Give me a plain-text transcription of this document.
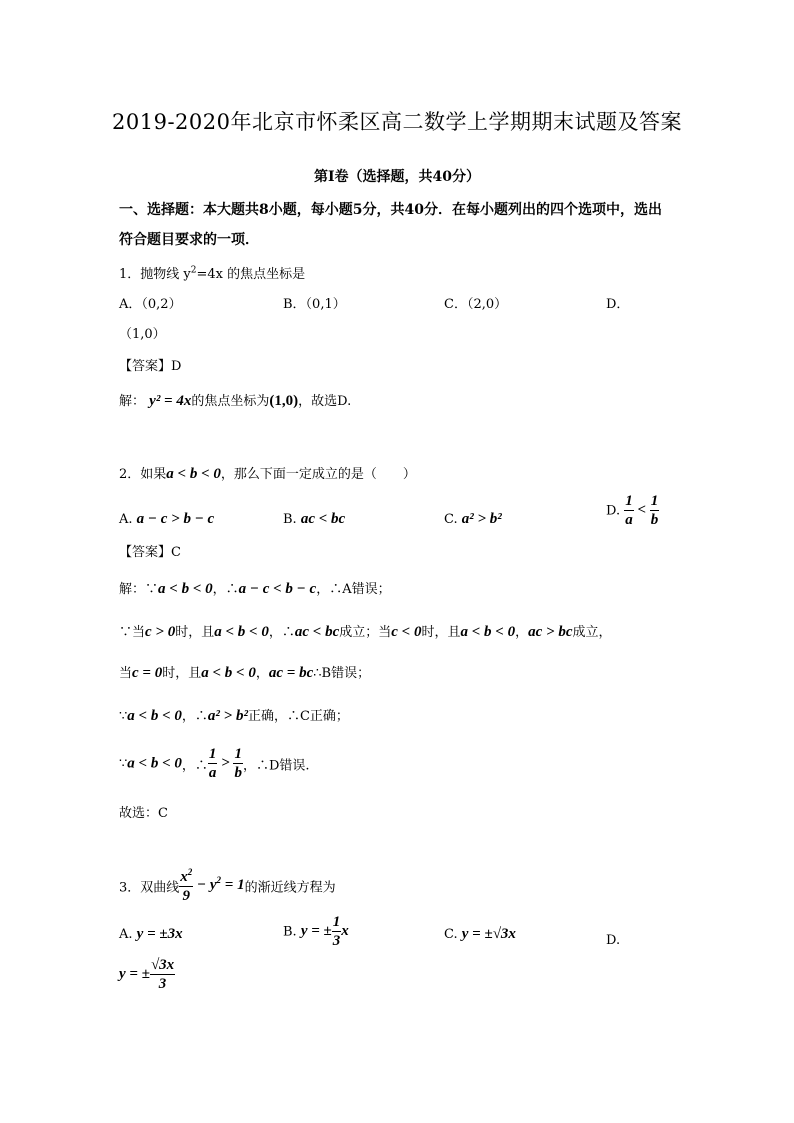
2019-2020年北京市怀柔区高二数学上学期期末试题及答案
第Ⅰ卷（选择题，共40分）
一、选择题：本大题共8小题，每小题5分，共40分．在每小题列出的四个选项中，选出
符合题目要求的一项．
1．抛物线 $y^2=4x$ 的焦点坐标是
A．（0,2）	B．（0,1）	C．（2,0）	D．
（1,0）
【答案】D
解： y² = 4x的焦点坐标为(1,0)，故选D.
2．如果a < b < 0，那么下面一定成立的是（　　）
A. a − c > b − c	B. ac < bc	C. a² > b²
D. $\frac{1}{a} < \frac{1}{b}$
【答案】C
解：∵a < b < 0，∴a − c < b − c，∴A错误；
∵当c > 0时，且a < b < 0，∴ac < bc成立；当c < 0时，且a < b < 0，ac > bc成立，
当c = 0时，且a < b < 0，ac = bc∴B错误；
∵a < b < 0，∴a² > b²正确，∴C正确；
∵a < b < 0，∴ $\frac{1}{a} > \frac{1}{b}$ ，∴D错误.
故选：C
3．双曲线 $\frac{x^2}{9} - y^2 = 1$的渐近线方程为
A. y = ±3x	B. y = ± $\frac{1}{3}$ x	C. y = ±√3x	D.
y = ± $\frac{√3x}{3}$
